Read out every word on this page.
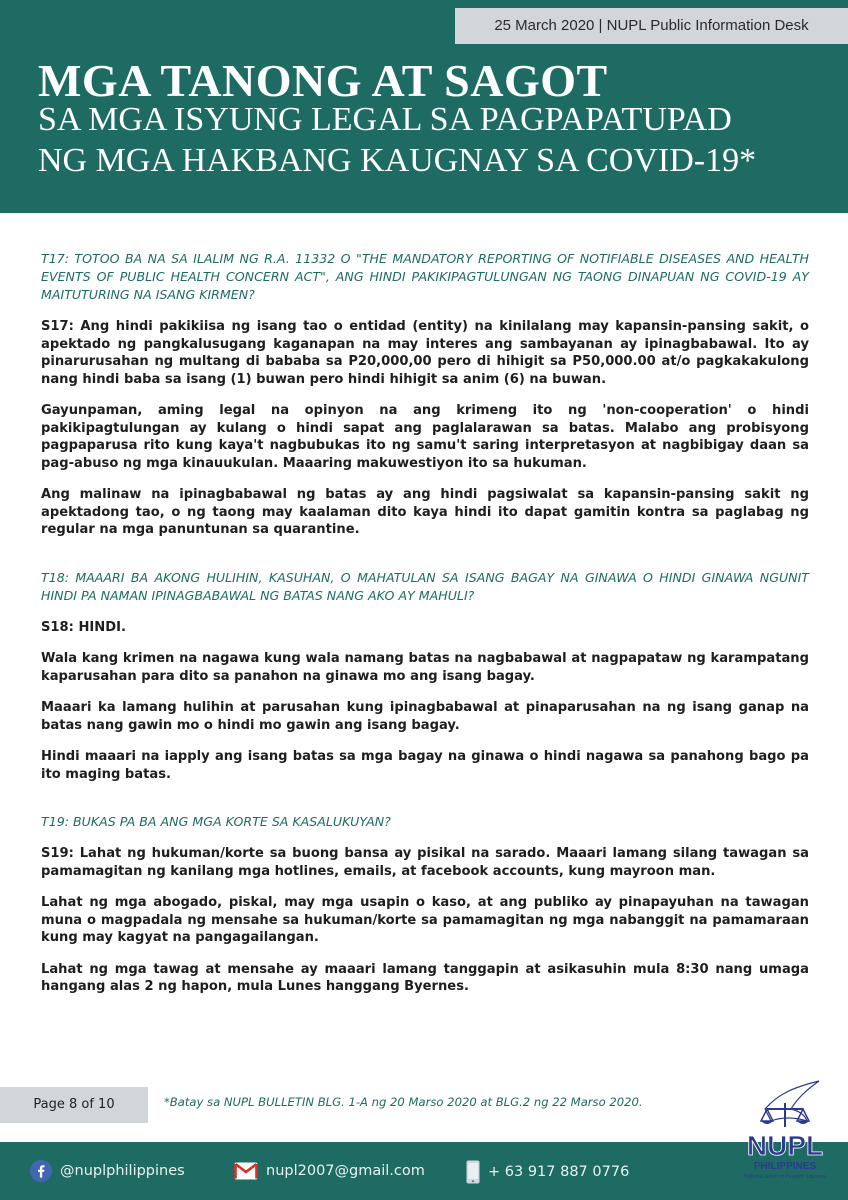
25 March 2020 | NUPL Public Information Desk
MGA TANONG AT SAGOT
SA MGA ISYUNG LEGAL SA PAGPAPATUPAD
NG MGA HAKBANG KAUGNAY SA COVID-19*

T17: TOTOO BA NA SA ILALIM NG R.A. 11332 O "THE MANDATORY REPORTING OF NOTIFIABLE DISEASES AND HEALTH EVENTS OF PUBLIC HEALTH CONCERN ACT", ANG HINDI PAKIKIPAGTULUNGAN NG TAONG DINAPUAN NG COVID-19 AY MAITUTURING NA ISANG KIRMEN?

S17: Ang hindi pakikiisa ng isang tao o entidad (entity) na kinilalang may kapansin-pansing sakit, o apektado ng pangkalusugang kaganapan na may interes ang sambayanan ay ipinagbabawal. Ito ay pinarurusahan ng multang di bababa sa P20,000,00 pero di hihigit sa P50,000.00 at/o pagkakakulong nang hindi baba sa isang (1) buwan pero hindi hihigit sa anim (6) na buwan.

Gayunpaman, aming legal na opinyon na ang krimeng ito ng 'non-cooperation' o hindi pakikipagtulungan ay kulang o hindi sapat ang paglalarawan sa batas. Malabo ang probisyong pagpaparusa rito kung kaya't nagbubukas ito ng samu't saring interpretasyon at nagbibigay daan sa pag-abuso ng mga kinauukulan. Maaaring makuwestiyon ito sa hukuman.

Ang malinaw na ipinagbabawal ng batas ay ang hindi pagsiwalat sa kapansin-pansing sakit ng apektadong tao, o ng taong may kaalaman dito kaya hindi ito dapat gamitin kontra sa paglabag ng regular na mga panuntunan sa quarantine.

T18: MAAARI BA AKONG HULIHIN, KASUHAN, O MAHATULAN SA ISANG BAGAY NA GINAWA O HINDI GINAWA NGUNIT HINDI PA NAMAN IPINAGBABAWAL NG BATAS NANG AKO AY MAHULI?

S18: HINDI.

Wala kang krimen na nagawa kung wala namang batas na nagbabawal at nagpapataw ng karampatang kaparusahan para dito sa panahon na ginawa mo ang isang bagay.

Maaari ka lamang hulihin at parusahan kung ipinagbabawal at pinaparusahan na ng isang ganap na batas nang gawin mo o hindi mo gawin ang isang bagay.

Hindi maaari na iapply ang isang batas sa mga bagay na ginawa o hindi nagawa sa panahong bago pa ito maging batas.

T19: BUKAS PA BA ANG MGA KORTE SA KASALUKUYAN?

S19: Lahat ng hukuman/korte sa buong bansa ay pisikal na sarado. Maaari lamang silang tawagan sa pamamagitan ng kanilang mga hotlines, emails, at facebook accounts, kung mayroon man.

Lahat ng mga abogado, piskal, may mga usapin o kaso, at ang publiko ay pinapayuhan na tawagan muna o magpadala ng mensahe sa hukuman/korte sa pamamagitan ng mga nabanggit na pamamaraan kung may kagyat na pangagailangan.

Lahat ng mga tawag at mensahe ay maaari lamang tanggapin at asikasuhin mula 8:30 nang umaga hangang alas 2 ng hapon, mula Lunes hanggang Byernes.

Page 8 of 10	*Batay sa NUPL BULLETIN BLG. 1-A ng 20 Marso 2020 at BLG.2 ng 22 Marso 2020.
@nuplphilippines	nupl2007@gmail.com	+ 63 917 887 0776
NUPL
PHILIPPINES
National Union of Peoples' Lawyers
